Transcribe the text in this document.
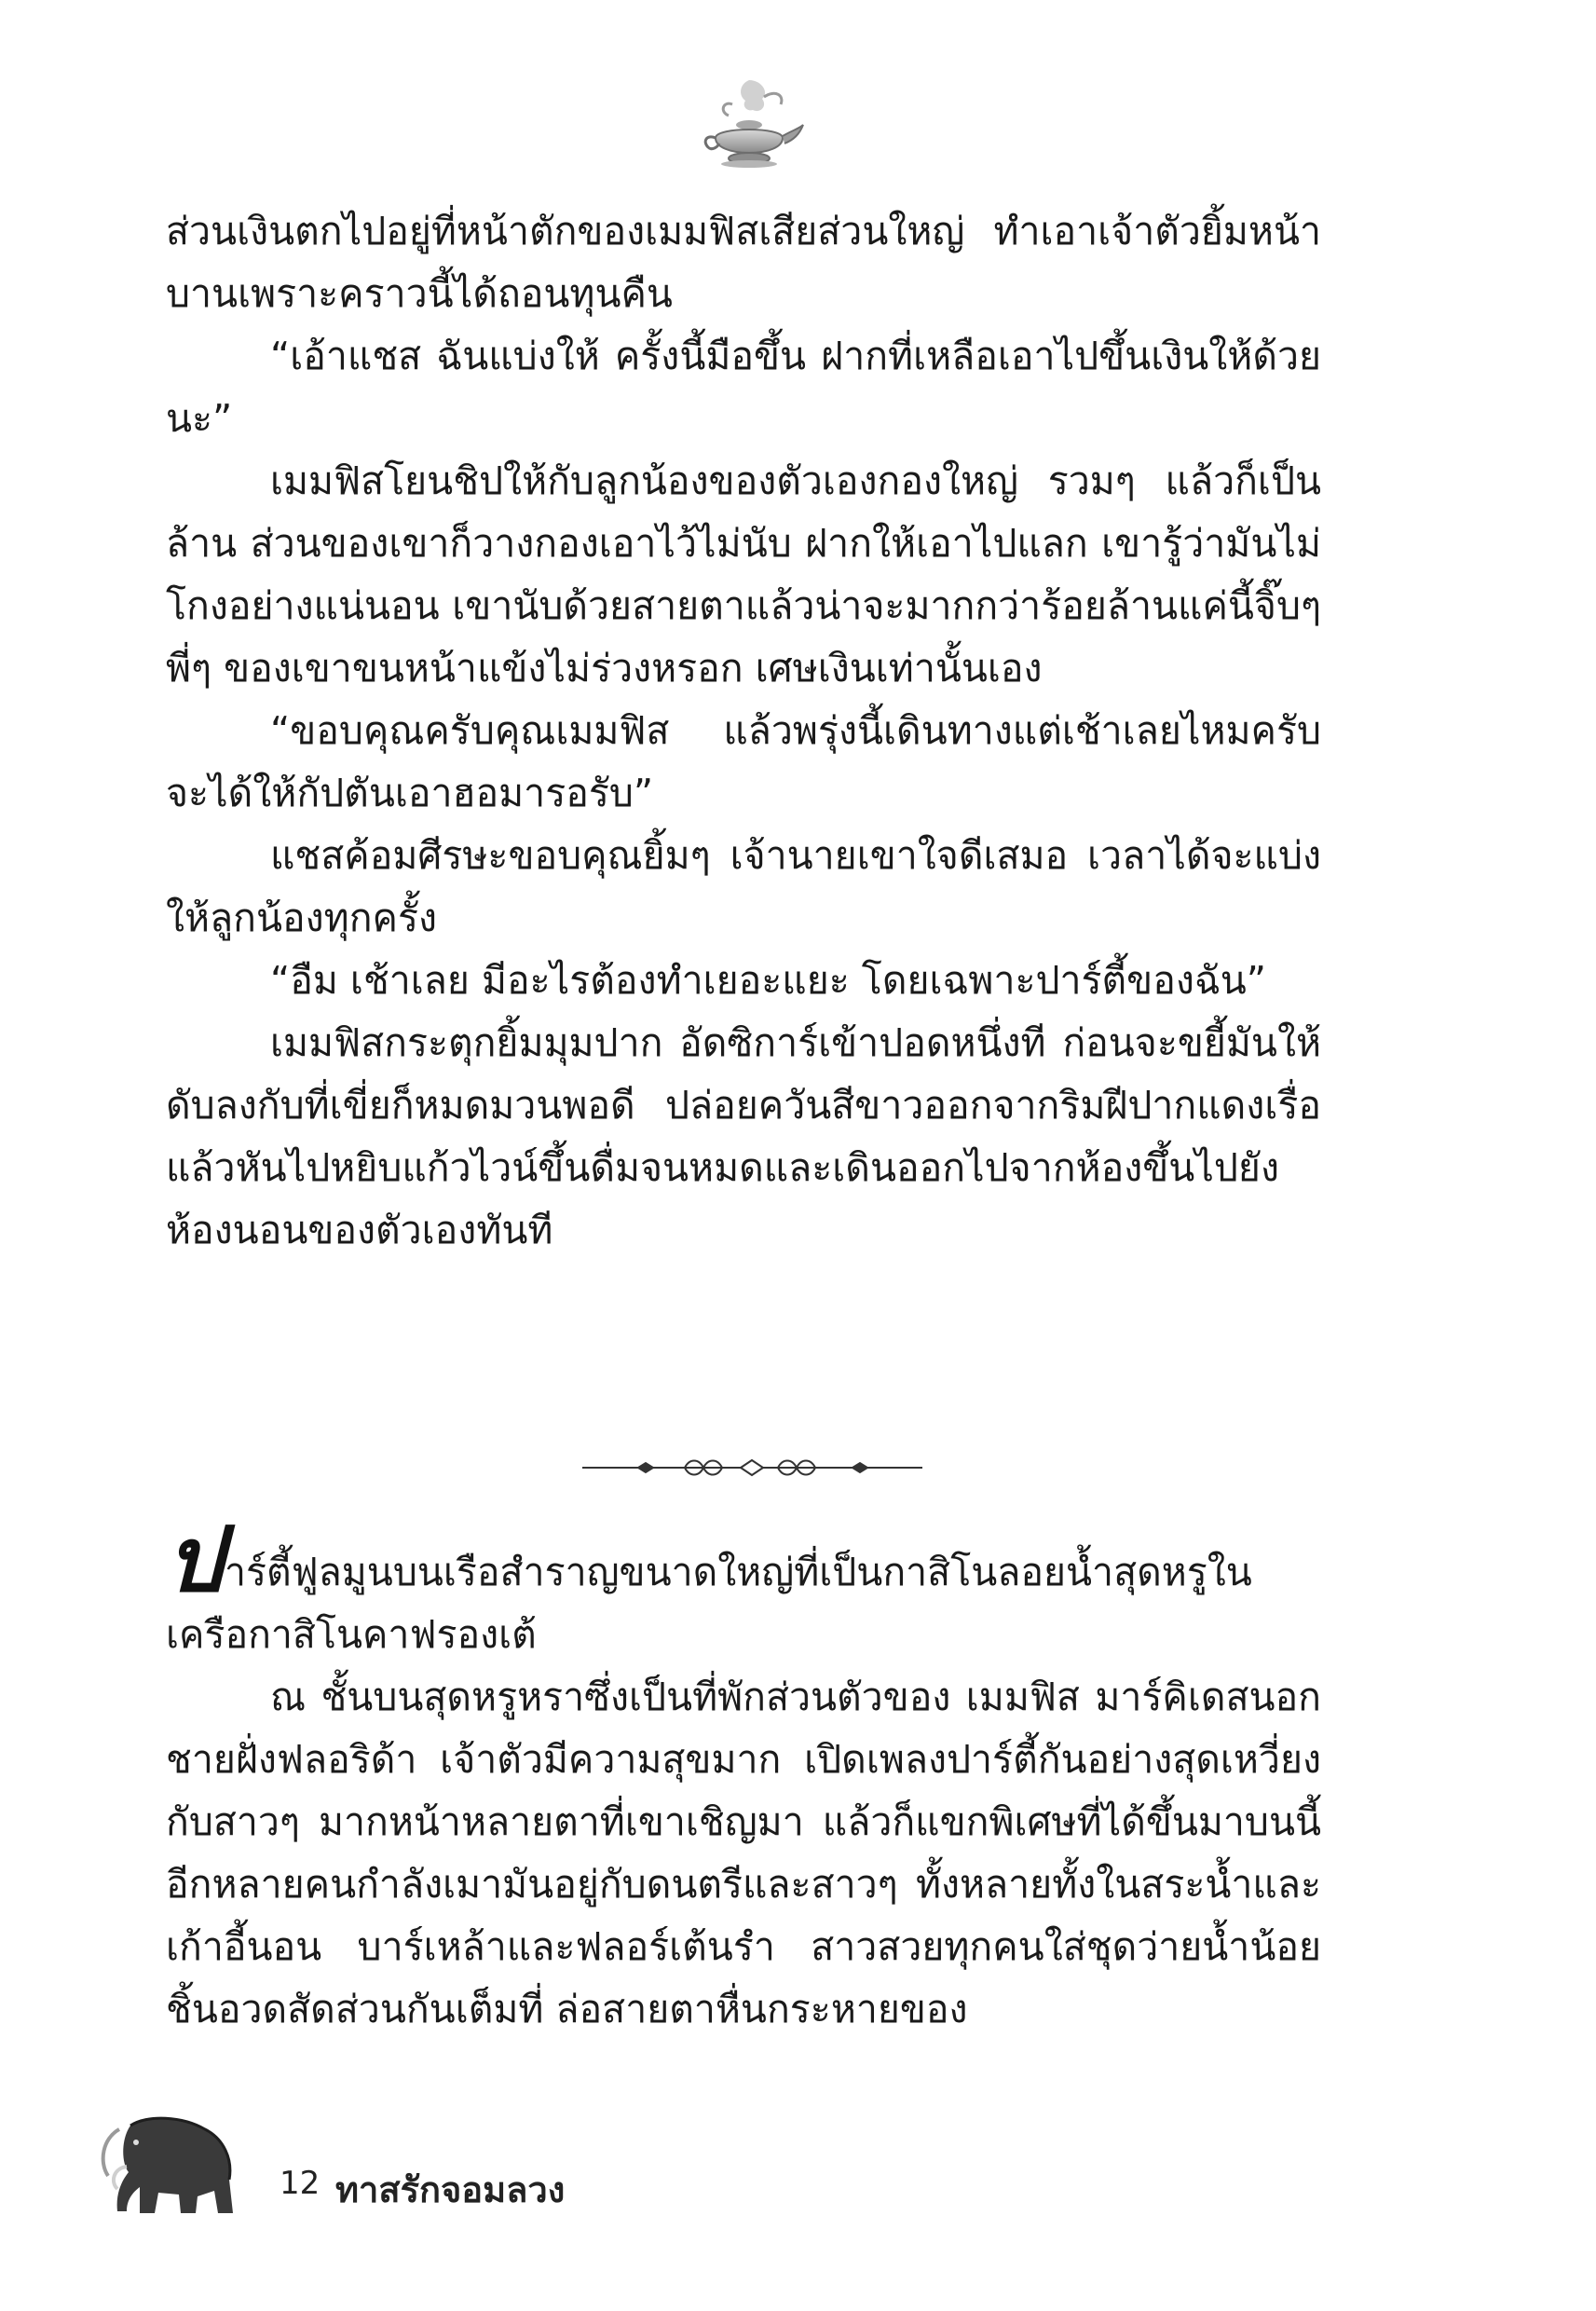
ส่วนเงินตกไปอยู่ที่หน้าตักของเมมฟิสเสียส่วนใหญ่ ทำเอาเจ้าตัวยิ้มหน้าบานเพราะคราวนี้ได้ถอนทุนคืน

“เอ้าแชส ฉันแบ่งให้ ครั้งนี้มือขึ้น ฝากที่เหลือเอาไปขึ้นเงินให้ด้วยนะ”

เมมฟิสโยนชิปให้กับลูกน้องของตัวเองกองใหญ่ รวมๆ แล้วก็เป็นล้าน ส่วนของเขาก็วางกองเอาไว้ไม่นับ ฝากให้เอาไปแลก เขารู้ว่ามันไม่โกงอย่างแน่นอน เขานับด้วยสายตาแล้วน่าจะมากกว่าร้อยล้านแค่นี้จิ๊บๆ พี่ๆ ของเขาขนหน้าแข้งไม่ร่วงหรอก เศษเงินเท่านั้นเอง

“ขอบคุณครับคุณเมมฟิส แล้วพรุ่งนี้เดินทางแต่เช้าเลยไหมครับจะได้ให้กัปตันเอาฮอมารอรับ”

แชสค้อมศีรษะขอบคุณยิ้มๆ เจ้านายเขาใจดีเสมอ เวลาได้จะแบ่งให้ลูกน้องทุกครั้ง

“อืม เช้าเลย มีอะไรต้องทำเยอะแยะ โดยเฉพาะปาร์ตี้ของฉัน”

เมมฟิสกระตุกยิ้มมุมปาก อัดซิการ์เข้าปอดหนึ่งที ก่อนจะขยี้มันให้ดับลงกับที่เขี่ยก็หมดมวนพอดี ปล่อยควันสีขาวออกจากริมฝีปากแดงเรื่อ แล้วหันไปหยิบแก้วไวน์ขึ้นดื่มจนหมดและเดินออกไปจากห้องขึ้นไปยังห้องนอนของตัวเองทันที

ปาร์ตี้ฟูลมูนบนเรือสำราญขนาดใหญ่ที่เป็นกาสิโนลอยน้ำสุดหรูในเครือกาสิโนคาฟรองเต้

ณ ชั้นบนสุดหรูหราซึ่งเป็นที่พักส่วนตัวของ เมมฟิส มาร์คิเดสนอกชายฝั่งฟลอริด้า เจ้าตัวมีความสุขมาก เปิดเพลงปาร์ตี้กันอย่างสุดเหวี่ยงกับสาวๆ มากหน้าหลายตาที่เขาเชิญมา แล้วก็แขกพิเศษที่ได้ขึ้นมาบนนี้อีกหลายคนกำลังเมามันอยู่กับดนตรีและสาวๆ ทั้งหลายทั้งในสระน้ำและเก้าอี้นอน บาร์เหล้าและฟลอร์เต้นรำ สาวสวยทุกคนใส่ชุดว่ายน้ำน้อยชิ้นอวดสัดส่วนกันเต็มที่ ล่อสายตาหื่นกระหายของ

12 ทาสรักจอมลวง
